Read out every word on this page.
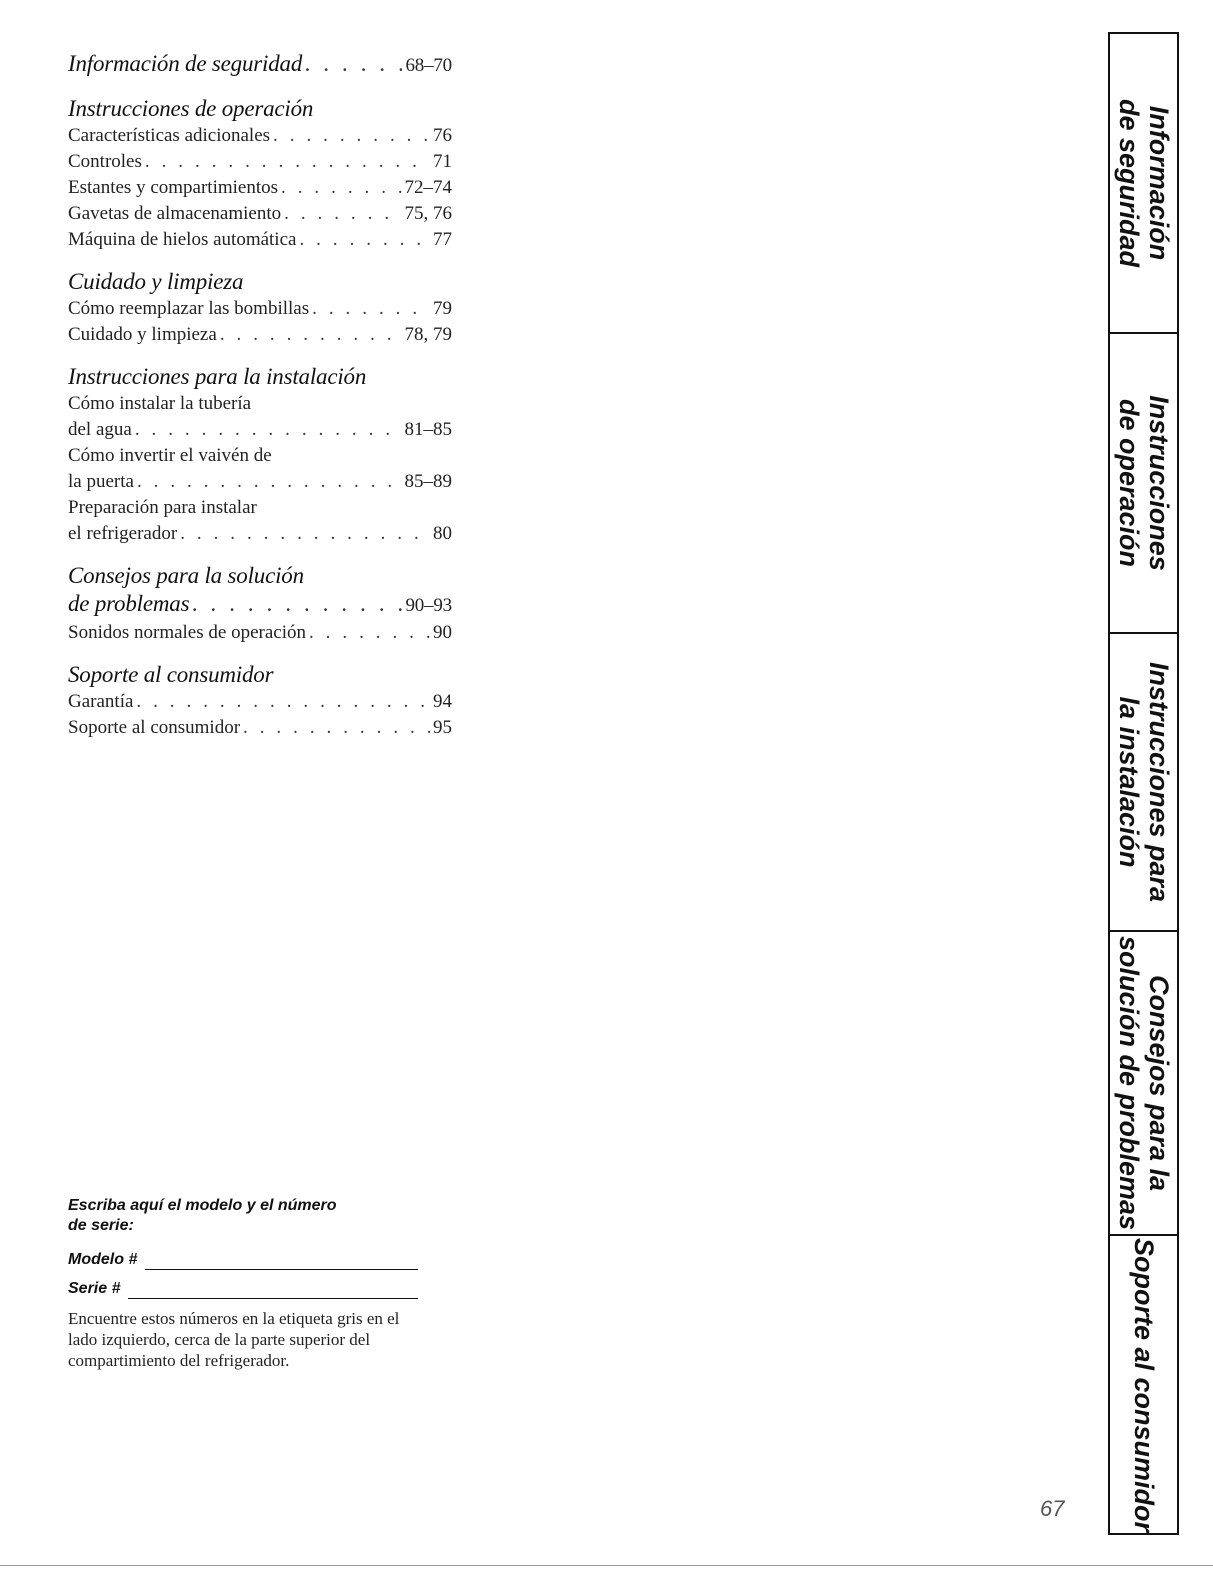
Información de seguridad . . .	68–70
Instrucciones de operación
Características adicionales . . .	76
Controles . . .	71
Estantes y compartimientos . . .	72–74
Gavetas de almacenamiento . . .	75, 76
Máquina de hielos automática . . .	77
Cuidado y limpieza
Cómo reemplazar las bombillas . . .	79
Cuidado y limpieza . . .	78, 79
Instrucciones para la instalación
Cómo instalar la tubería
del agua . . .	81–85
Cómo invertir el vaivén de
la puerta . . .	85–89
Preparación para instalar
el refrigerador . . .	80
Consejos para la solución
de problemas . . .	90–93
Sonidos normales de operación . . .	90
Soporte al consumidor
Garantía . . .	94
Soporte al consumidor . . .	95
Escriba aquí el modelo y el número
de serie:
Modelo #
Serie #
Encuentre estos números en la etiqueta gris en el lado izquierdo, cerca de la parte superior del compartimiento del refrigerador.
67
Información
de seguridad
Instrucciones
de operación
Instrucciones para
la instalación
Consejos para la
solución de problemas
Soporte al consumidor
